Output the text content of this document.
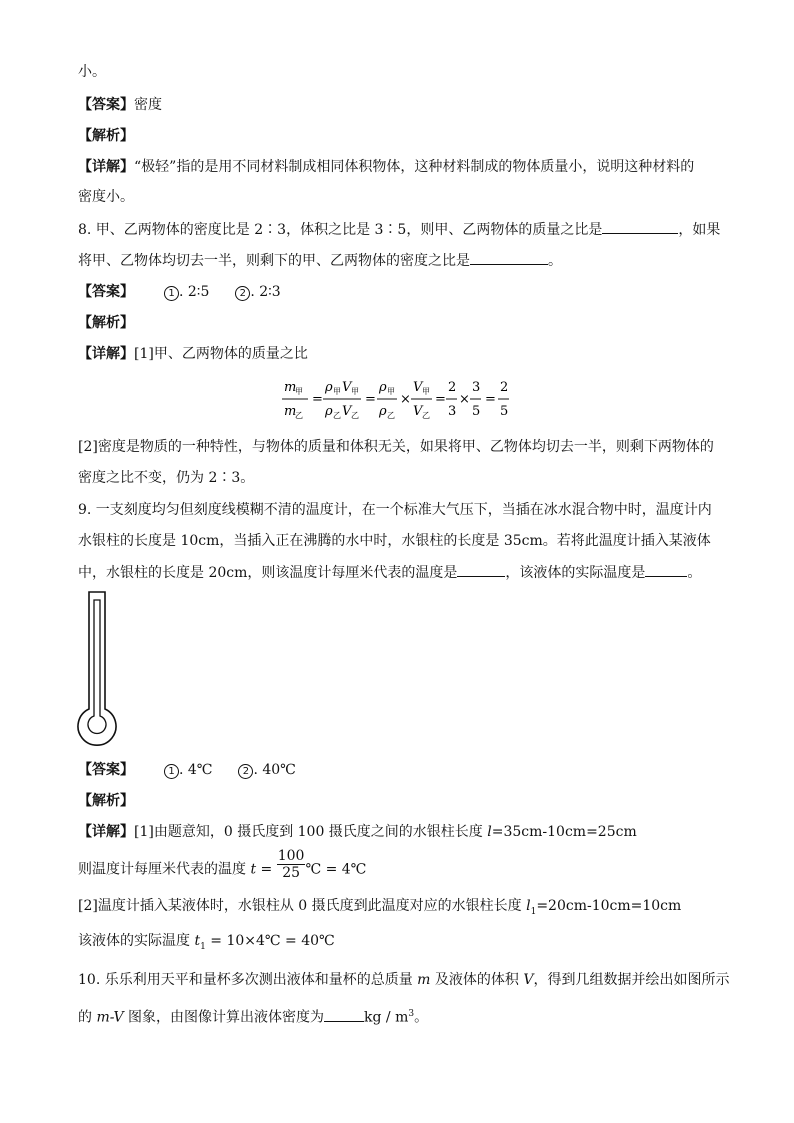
小。
【答案】密度
【解析】
【详解】“极轻”指的是用不同材料制成相同体积物体，这种材料制成的物体质量小，说明这种材料的
密度小。
8. 甲、乙两物体的密度比是 2∶3，体积之比是 3∶5，则甲、乙两物体的质量之比是	，如果
将甲、乙物体均切去一半，则剩下的甲、乙两物体的密度之比是	。
【答案】	1 . 2∶5	2 . 2∶3
【解析】
【详解】[1]甲、乙两物体的质量之比
m
甲
m
乙
=
ρ 甲 V 甲
ρ 乙 V 乙
=
ρ 甲
ρ 乙
×
V 甲
V 乙
=
2
3
×
3
5
=
2
5
[2]密度是物质的一种特性，与物体的质量和体积无关，如果将甲、乙物体均切去一半，则剩下两物体的
密度之比不变，仍为 2∶3。
9. 一支刻度均匀但刻度线模糊不清的温度计，在一个标准大气压下，当插在冰水混合物中时，温度计内
水银柱的长度是 10cm，当插入正在沸腾的水中时，水银柱的长度是 35cm。若将此温度计插入某液体
中，水银柱的长度是 20cm，则该温度计每厘米代表的温度是	，该液体的实际温度是	。
【答案】	1 . 4℃	2 . 40℃
【解析】
【详解】[1]由题意知，0 摄氏度到 100 摄氏度之间的水银柱长度 l=35cm-10cm=25cm
则温度计每厘米代表的温度 $t = \frac{100}{25}$ ℃ = 4℃
[2]温度计插入某液体时，水银柱从 0 摄氏度到此温度对应的水银柱长度 $l_1=20cm-10cm=10cm$
该液体的实际温度 $t_1$ = 10×4℃ = 40℃
10. 乐乐利用天平和量杯多次测出液体和量杯的总质量 m 及液体的体积 V，得到几组数据并绘出如图所示
的 m-V 图象，由图像计算出液体密度为	kg / $m^3$。
